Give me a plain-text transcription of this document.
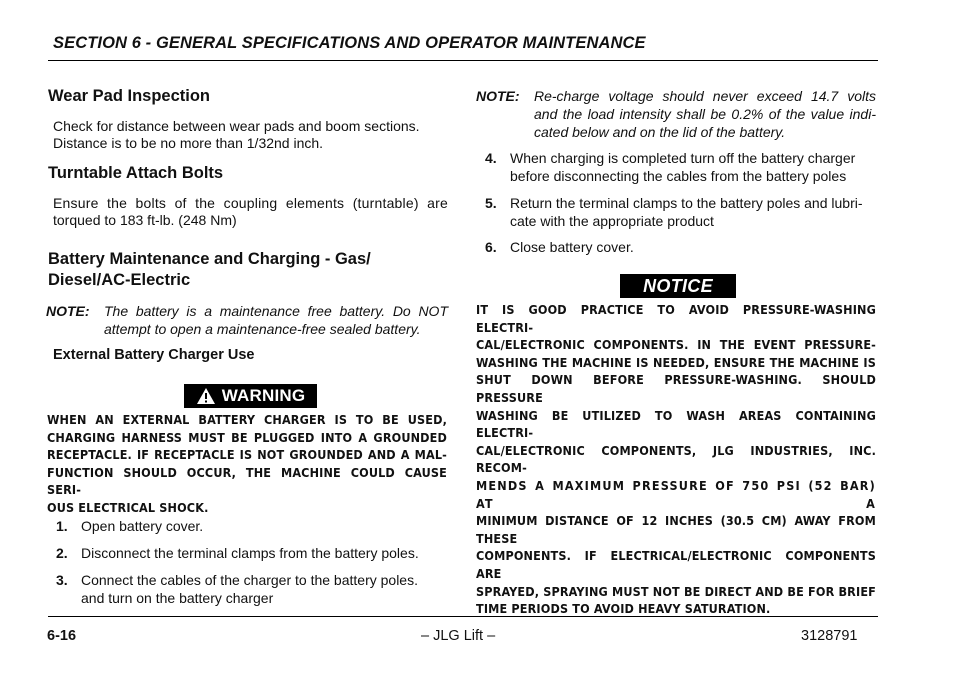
SECTION 6 - GENERAL SPECIFICATIONS AND OPERATOR MAINTENANCE
Wear Pad Inspection

Check for distance between wear pads and boom sections.

Distance is to be no more than 1/32nd inch.

Turntable Attach Bolts

Ensure the bolts of the coupling elements (turntable) are

torqued to 183 ft-lb. (248 Nm)

Battery Maintenance and Charging - Gas/
Diesel/AC-Electric
NOTE: The battery is a maintenance free battery. Do NOT

attempt to open a maintenance-free sealed battery.

External Battery Charger Use
WARNING

WHEN AN EXTERNAL BATTERY CHARGER IS TO BE USED,

CHARGING HARNESS MUST BE PLUGGED INTO A GROUNDED

RECEPTACLE. IF RECEPTACLE IS NOT GROUNDED AND A MAL-

FUNCTION SHOULD OCCUR, THE MACHINE COULD CAUSE SERI-

OUS ELECTRICAL SHOCK.

1. Open battery cover.
2. Disconnect the terminal clamps from the battery poles.
3. Connect the cables of the charger to the battery poles.

and turn on the battery charger

NOTE: Re-charge voltage should never exceed 14.7 volts

and the load intensity shall be 0.2% of the value indi-

cated below and on the lid of the battery.

4. When charging is completed turn off the battery charger

before disconnecting the cables from the battery poles

5. Return the terminal clamps to the battery poles and lubri-

cate with the appropriate product

6. Close battery cover.
NOTICE

IT IS GOOD PRACTICE TO AVOID PRESSURE-WASHING ELECTRI-

CAL/ELECTRONIC COMPONENTS. IN THE EVENT PRESSURE-

WASHING THE MACHINE IS NEEDED, ENSURE THE MACHINE IS

SHUT DOWN BEFORE PRESSURE-WASHING. SHOULD PRESSURE

WASHING BE UTILIZED TO WASH AREAS CONTAINING ELECTRI-

CAL/ELECTRONIC COMPONENTS, JLG INDUSTRIES, INC. RECOM-

MENDS A MAXIMUM PRESSURE OF 750 PSI (52 BAR) AT A

MINIMUM DISTANCE OF 12 INCHES (30.5 CM) AWAY FROM THESE

COMPONENTS. IF ELECTRICAL/ELECTRONIC COMPONENTS ARE

SPRAYED, SPRAYING MUST NOT BE DIRECT AND BE FOR BRIEF

TIME PERIODS TO AVOID HEAVY SATURATION.

6-16	– JLG Lift –	3128791
